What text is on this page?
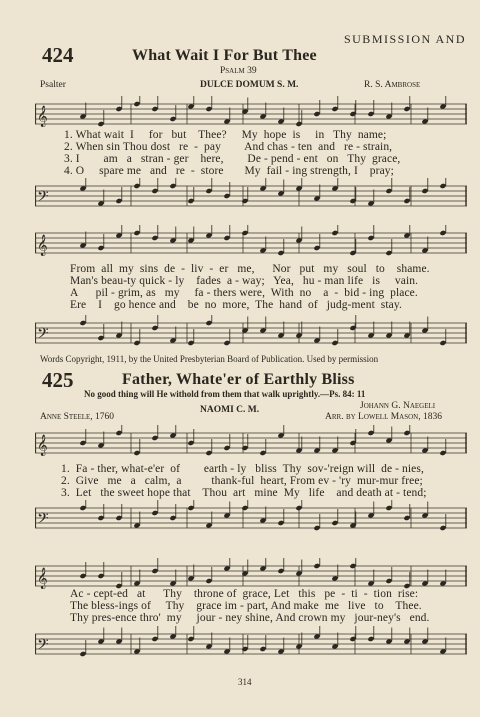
424	What Wait I For But Thee
SUBMISSION AND
Psalm 39
Psalter	DULCE DOMUM S. M.	R. S. Ambrose
𝄞
1. What wait  I     for   but    Thee?     My  hope  is     in   Thy  name;
2. When sin Thou dost   re  -  pay        And chas - ten  and   re - strain,
3. I        am   a   stran - ger    here,        De - pend - ent   on   Thy  grace,
4. O     spare me   and   re  -  store       My  fail - ing strength, I    pray;
𝄢
𝄞
From  all  my  sins  de  -  liv  -  er   me,      Nor   put   my   soul   to    shame.
Man's beau-ty quick - ly    fades  a - way;   Yea,   hu - man life   is     vain.
A      pil - grim, as   my     fa - thers were,  With  no    a  -  bid - ing  place.
Ere    I    go hence and    be  no  more,  The  hand  of   judg-ment  stay.
𝄢
Words Copyright, 1911, by the United Presbyterian Board of Publication. Used by permission
425	Father, Whate'er of Earthly Bliss
No good thing will He withold from them that walk uprightly.—Ps. 84: 11
NAOMI C. M.	Johann G. Naegeli
Anne Steele, 1760	Arr. by Lowell Mason, 1836
𝄞
1.  Fa - ther, what-e'er  of        earth - ly   bliss  Thy  sov-'reign will  de - nies,
2.  Give   me   a   calm,  a          thank-ful  heart, From ev - 'ry  mur-mur free;
3.  Let   the sweet hope that    Thou  art   mine  My   life    and death at - tend;
𝄢
𝄞
Ac - cept-ed   at      Thy    throne of  grace, Let   this   pe  -  ti  -  tion  rise:
The bless-ings of     Thy    grace im - part, And make  me   live   to    Thee.
Thy pres-ence thro'  my     jour - ney shine, And crown my   jour-ney's   end.
𝄢
314
